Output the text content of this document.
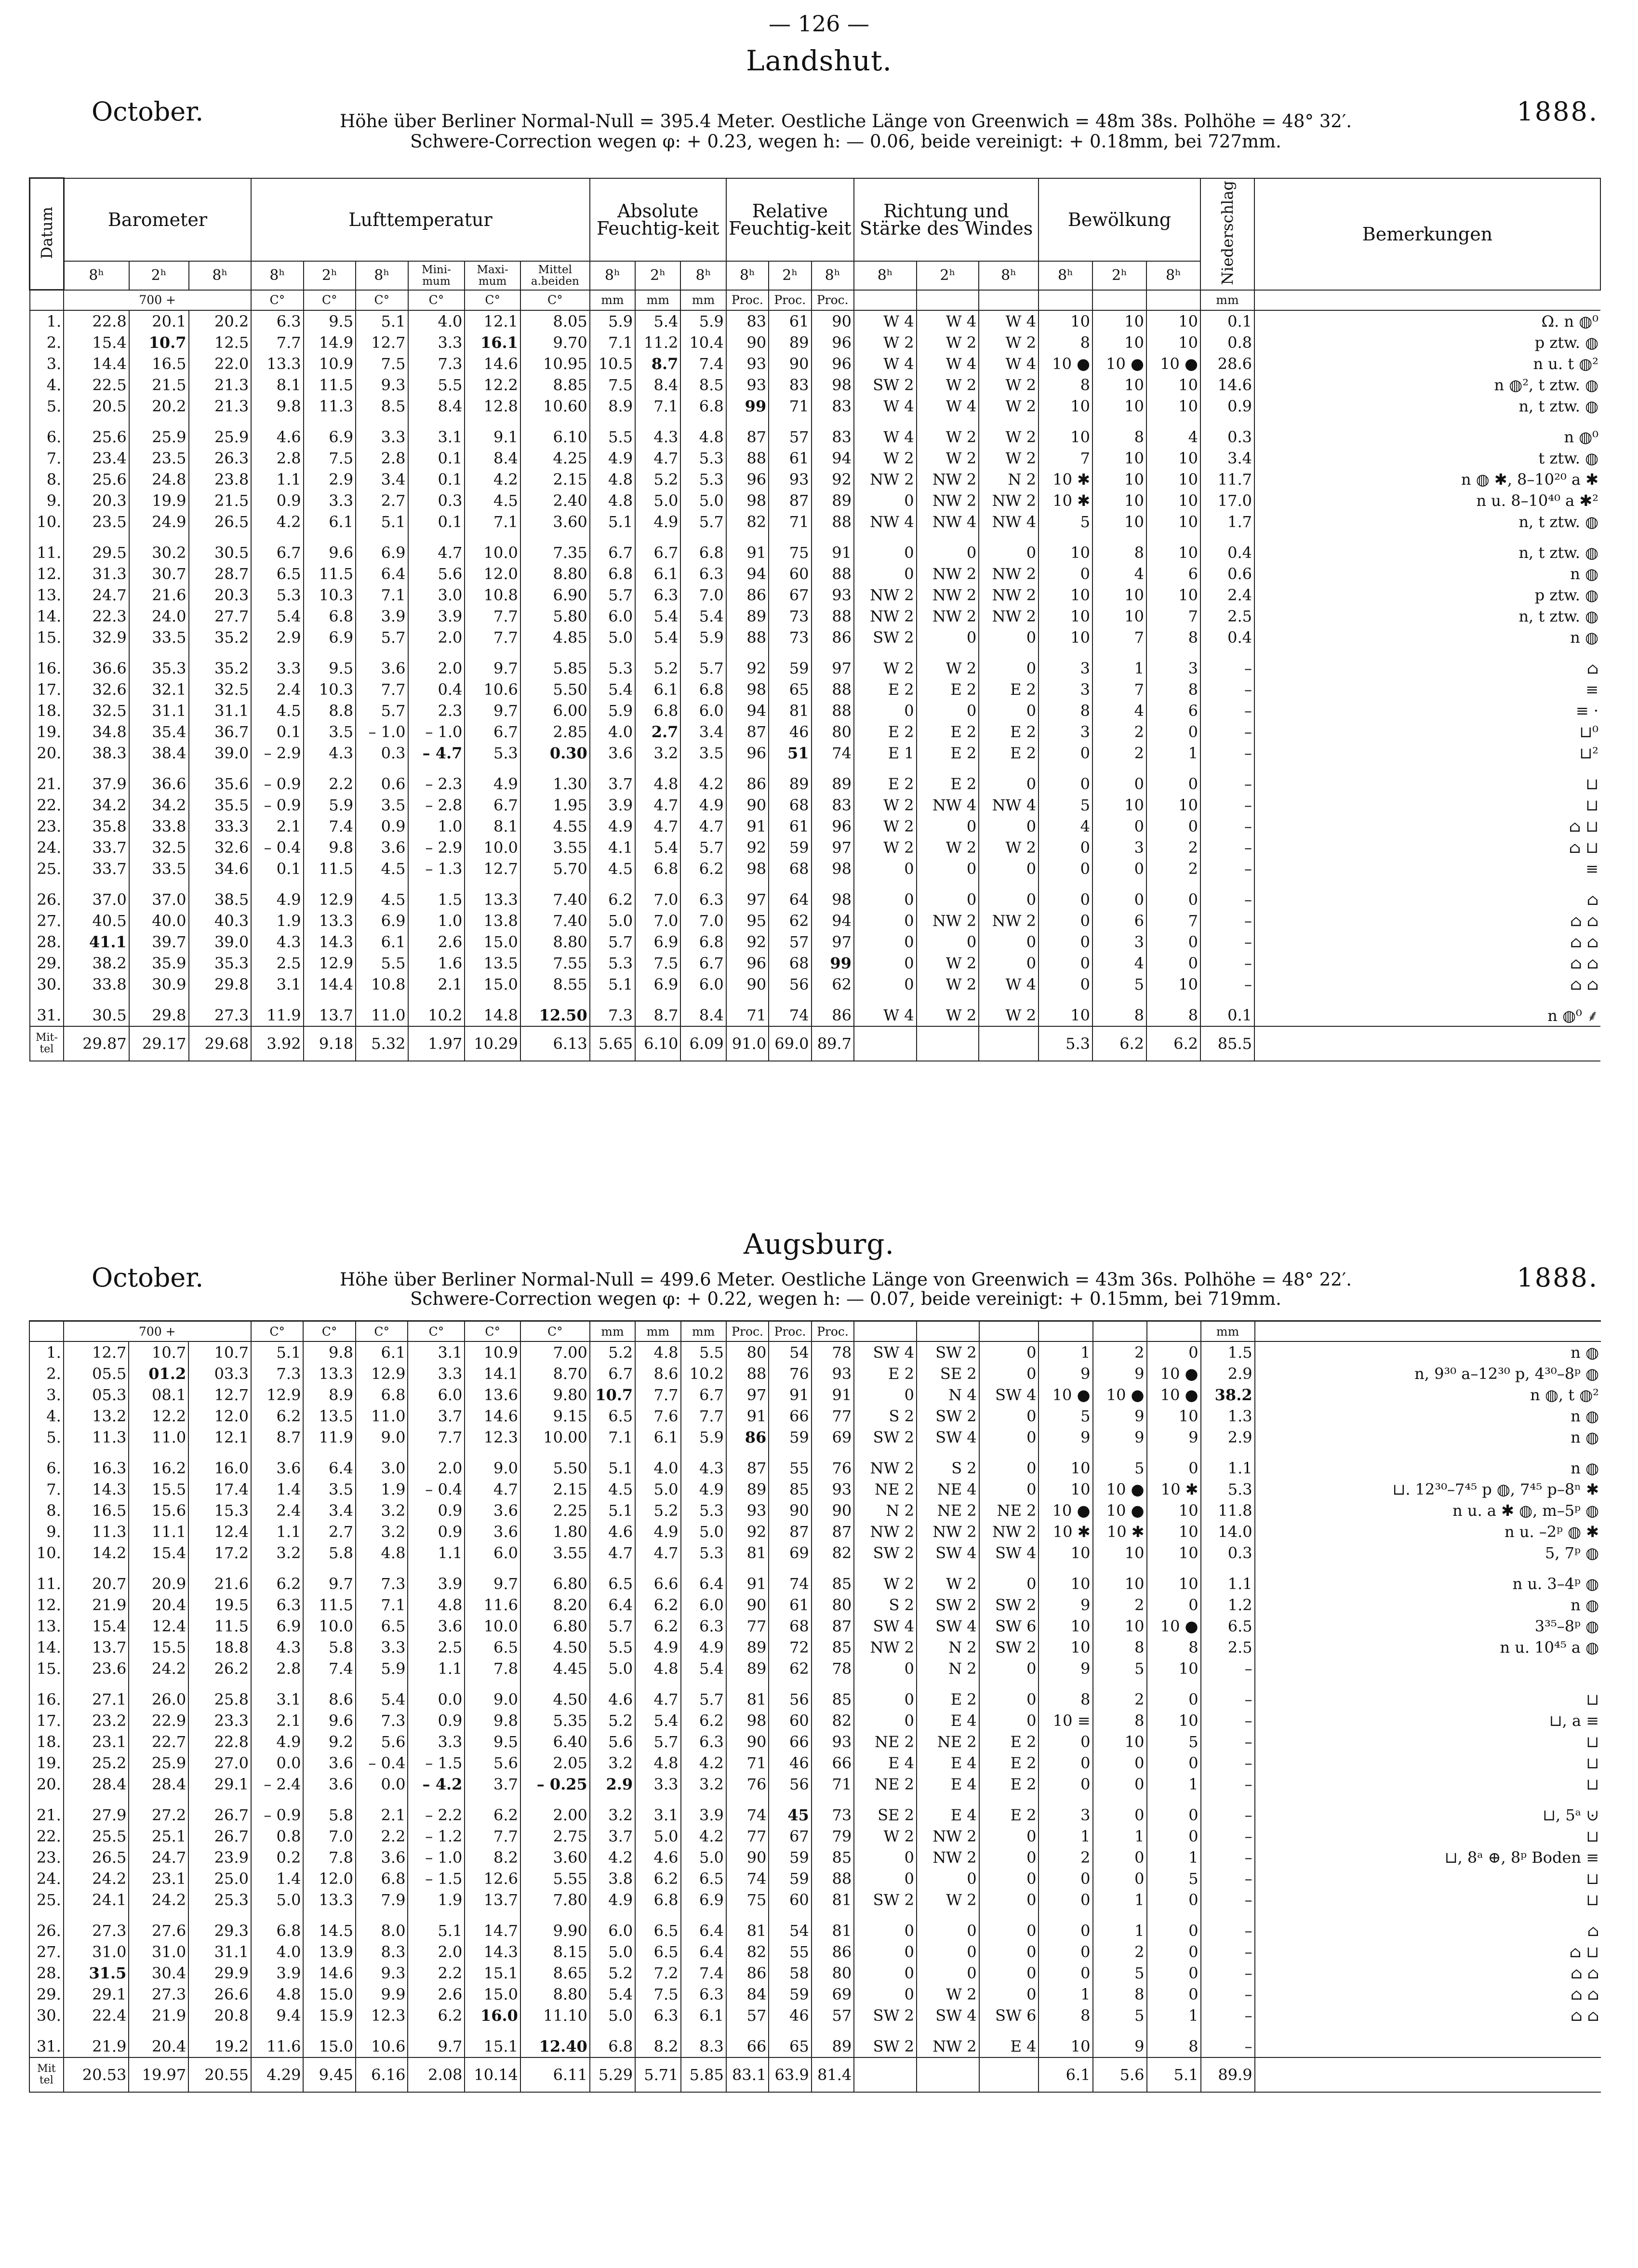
— 126 —
Landshut.
October.	1888.
Höhe über Berliner Normal-Null = 395.4 Meter. Oestliche Länge von Greenwich = 48m 38s. Polhöhe = 48° 32′.
Schwere-Correction wegen φ: + 0.23, wegen h: — 0.06, beide vereinigt: + 0.18mm, bei 727mm.
Datum	Barometer			Lufttemperatur						Absolute Feuchtig-keit			Relative Feuchtig-keit			Richtung und Stärke des Windes			Bewölkung			Niederschlag	Bemerkungen
	8ʰ	2ʰ	8ʰ	8ʰ	2ʰ	8ʰ	Mini-mum	Maxi-mum	Mittel a.beiden	8ʰ	2ʰ	8ʰ	8ʰ	2ʰ	8ʰ	8ʰ	2ʰ	8ʰ	8ʰ	2ʰ	8ʰ		
	700 +			C°	C°	C°	C°	C°	C°	mm	mm	mm	Proc.	Proc.	Proc.							mm	
1.	22.8	20.1	20.2	6.3	9.5	5.1	4.0	12.1	8.05	5.9	5.4	5.9	83	61	90	W 4	W 4	W 4	10	10	10	0.1	Ω. n ◍⁰
2.	15.4	10.7	12.5	7.7	14.9	12.7	3.3	16.1	9.70	7.1	11.2	10.4	90	89	96	W 2	W 2	W 2	8	10	10	0.8	p ztw. ◍
3.	14.4	16.5	22.0	13.3	10.9	7.5	7.3	14.6	10.95	10.5	8.7	7.4	93	90	96	W 4	W 4	W 4	10 ●	10 ●	10 ●	28.6	n u. t ◍²
4.	22.5	21.5	21.3	8.1	11.5	9.3	5.5	12.2	8.85	7.5	8.4	8.5	93	83	98	SW 2	W 2	W 2	8	10	10	14.6	n ◍², t ztw. ◍
5.	20.5	20.2	21.3	9.8	11.3	8.5	8.4	12.8	10.60	8.9	7.1	6.8	99	71	83	W 4	W 4	W 2	10	10	10	0.9	n, t ztw. ◍

6.	25.6	25.9	25.9	4.6	6.9	3.3	3.1	9.1	6.10	5.5	4.3	4.8	87	57	83	W 4	W 2	W 2	10	8	4	0.3	n ◍⁰
7.	23.4	23.5	26.3	2.8	7.5	2.8	0.1	8.4	4.25	4.9	4.7	5.3	88	61	94	W 2	W 2	W 2	7	10	10	3.4	t ztw. ◍
8.	25.6	24.8	23.8	1.1	2.9	3.4	0.1	4.2	2.15	4.8	5.2	5.3	96	93	92	NW 2	NW 2	N 2	10 ✱	10	10	11.7	n ◍ ✱, 8–10²⁰ a ✱
9.	20.3	19.9	21.5	0.9	3.3	2.7	0.3	4.5	2.40	4.8	5.0	5.0	98	87	89	0	NW 2	NW 2	10 ✱	10	10	17.0	n u. 8–10⁴⁰ a ✱²
10.	23.5	24.9	26.5	4.2	6.1	5.1	0.1	7.1	3.60	5.1	4.9	5.7	82	71	88	NW 4	NW 4	NW 4	5	10	10	1.7	n, t ztw. ◍

11.	29.5	30.2	30.5	6.7	9.6	6.9	4.7	10.0	7.35	6.7	6.7	6.8	91	75	91	0	0	0	10	8	10	0.4	n, t ztw. ◍
12.	31.3	30.7	28.7	6.5	11.5	6.4	5.6	12.0	8.80	6.8	6.1	6.3	94	60	88	0	NW 2	NW 2	0	4	6	0.6	n ◍
13.	24.7	21.6	20.3	5.3	10.3	7.1	3.0	10.8	6.90	5.7	6.3	7.0	86	67	93	NW 2	NW 2	NW 2	10	10	10	2.4	p ztw. ◍
14.	22.3	24.0	27.7	5.4	6.8	3.9	3.9	7.7	5.80	6.0	5.4	5.4	89	73	88	NW 2	NW 2	NW 2	10	10	7	2.5	n, t ztw. ◍
15.	32.9	33.5	35.2	2.9	6.9	5.7	2.0	7.7	4.85	5.0	5.4	5.9	88	73	86	SW 2	0	0	10	7	8	0.4	n ◍

16.	36.6	35.3	35.2	3.3	9.5	3.6	2.0	9.7	5.85	5.3	5.2	5.7	92	59	97	W 2	W 2	0	3	1	3	–	⌂
17.	32.6	32.1	32.5	2.4	10.3	7.7	0.4	10.6	5.50	5.4	6.1	6.8	98	65	88	E 2	E 2	E 2	3	7	8	–	≡
18.	32.5	31.1	31.1	4.5	8.8	5.7	2.3	9.7	6.00	5.9	6.8	6.0	94	81	88	0	0	0	8	4	6	–	≡ ·
19.	34.8	35.4	36.7	0.1	3.5	– 1.0	– 1.0	6.7	2.85	4.0	2.7	3.4	87	46	80	E 2	E 2	E 2	3	2	0	–	⊔⁰
20.	38.3	38.4	39.0	– 2.9	4.3	0.3	– 4.7	5.3	0.30	3.6	3.2	3.5	96	51	74	E 1	E 2	E 2	0	2	1	–	⊔²

21.	37.9	36.6	35.6	– 0.9	2.2	0.6	– 2.3	4.9	1.30	3.7	4.8	4.2	86	89	89	E 2	E 2	0	0	0	0	–	⊔
22.	34.2	34.2	35.5	– 0.9	5.9	3.5	– 2.8	6.7	1.95	3.9	4.7	4.9	90	68	83	W 2	NW 4	NW 4	5	10	10	–	⊔
23.	35.8	33.8	33.3	2.1	7.4	0.9	1.0	8.1	4.55	4.9	4.7	4.7	91	61	96	W 2	0	0	4	0	0	–	⌂ ⊔
24.	33.7	32.5	32.6	– 0.4	9.8	3.6	– 2.9	10.0	3.55	4.1	5.4	5.7	92	59	97	W 2	W 2	W 2	0	3	2	–	⌂ ⊔
25.	33.7	33.5	34.6	0.1	11.5	4.5	– 1.3	12.7	5.70	4.5	6.8	6.2	98	68	98	0	0	0	0	0	2	–	≡

26.	37.0	37.0	38.5	4.9	12.9	4.5	1.5	13.3	7.40	6.2	7.0	6.3	97	64	98	0	0	0	0	0	0	–	⌂
27.	40.5	40.0	40.3	1.9	13.3	6.9	1.0	13.8	7.40	5.0	7.0	7.0	95	62	94	0	NW 2	NW 2	0	6	7	–	⌂ ⌂
28.	41.1	39.7	39.0	4.3	14.3	6.1	2.6	15.0	8.80	5.7	6.9	6.8	92	57	97	0	0	0	0	3	0	–	⌂ ⌂
29.	38.2	35.9	35.3	2.5	12.9	5.5	1.6	13.5	7.55	5.3	7.5	6.7	96	68	99	0	W 2	0	0	4	0	–	⌂ ⌂
30.	33.8	30.9	29.8	3.1	14.4	10.8	2.1	15.0	8.55	5.1	6.9	6.0	90	56	62	0	W 2	W 4	0	5	10	–	⌂ ⌂

31.	30.5	29.8	27.3	11.9	13.7	11.0	10.2	14.8	12.50	7.3	8.7	8.4	71	74	86	W 4	W 2	W 2	10	8	8	0.1	n ◍⁰ ⸙
Mit-tel	29.87	29.17	29.68	3.92	9.18	5.32	1.97	10.29	6.13	5.65	6.10	6.09	91.0	69.0	89.7				5.3	6.2	6.2	85.5	
Augsburg.
October.	1888.
Höhe über Berliner Normal-Null = 499.6 Meter. Oestliche Länge von Greenwich = 43m 36s. Polhöhe = 48° 22′.
Schwere-Correction wegen φ: + 0.22, wegen h: — 0.07, beide vereinigt: + 0.15mm, bei 719mm.
	700 +			C°	C°	C°	C°	C°	C°	mm	mm	mm	Proc.	Proc.	Proc.							mm	
1.	12.7	10.7	10.7	5.1	9.8	6.1	3.1	10.9	7.00	5.2	4.8	5.5	80	54	78	SW 4	SW 2	0	1	2	0	1.5	n ◍
2.	05.5	01.2	03.3	7.3	13.3	12.9	3.3	14.1	8.70	6.7	8.6	10.2	88	76	93	E 2	SE 2	0	9	9	10 ●	2.9	n, 9³⁰ a–12³⁰ p, 4³⁰–8ᵖ ◍
3.	05.3	08.1	12.7	12.9	8.9	6.8	6.0	13.6	9.80	10.7	7.7	6.7	97	91	91	0	N 4	SW 4	10 ●	10 ●	10 ●	38.2	n ◍, t ◍²
4.	13.2	12.2	12.0	6.2	13.5	11.0	3.7	14.6	9.15	6.5	7.6	7.7	91	66	77	S 2	SW 2	0	5	9	10	1.3	n ◍
5.	11.3	11.0	12.1	8.7	11.9	9.0	7.7	12.3	10.00	7.1	6.1	5.9	86	59	69	SW 2	SW 4	0	9	9	9	2.9	n ◍

6.	16.3	16.2	16.0	3.6	6.4	3.0	2.0	9.0	5.50	5.1	4.0	4.3	87	55	76	NW 2	S 2	0	10	5	0	1.1	n ◍
7.	14.3	15.5	17.4	1.4	3.5	1.9	– 0.4	4.7	2.15	4.5	5.0	4.9	89	85	93	NE 2	NE 4	0	10	10 ●	10 ✱	5.3	⊔. 12³⁰–7⁴⁵ p ◍, 7⁴⁵ p–8ⁿ ✱
8.	16.5	15.6	15.3	2.4	3.4	3.2	0.9	3.6	2.25	5.1	5.2	5.3	93	90	90	N 2	NE 2	NE 2	10 ●	10 ●	10	11.8	n u. a ✱ ◍, m–5ᵖ ◍
9.	11.3	11.1	12.4	1.1	2.7	3.2	0.9	3.6	1.80	4.6	4.9	5.0	92	87	87	NW 2	NW 2	NW 2	10 ✱	10 ✱	10	14.0	n u. –2ᵖ ◍ ✱
10.	14.2	15.4	17.2	3.2	5.8	4.8	1.1	6.0	3.55	4.7	4.7	5.3	81	69	82	SW 2	SW 4	SW 4	10	10	10	0.3	5, 7ᵖ ◍

11.	20.7	20.9	21.6	6.2	9.7	7.3	3.9	9.7	6.80	6.5	6.6	6.4	91	74	85	W 2	W 2	0	10	10	10	1.1	n u. 3–4ᵖ ◍
12.	21.9	20.4	19.5	6.3	11.5	7.1	4.8	11.6	8.20	6.4	6.2	6.0	90	61	80	S 2	SW 2	SW 2	9	2	0	1.2	n ◍
13.	15.4	12.4	11.5	6.9	10.0	6.5	3.6	10.0	6.80	5.7	6.2	6.3	77	68	87	SW 4	SW 4	SW 6	10	10	10 ●	6.5	3³⁵–8ᵖ ◍
14.	13.7	15.5	18.8	4.3	5.8	3.3	2.5	6.5	4.50	5.5	4.9	4.9	89	72	85	NW 2	N 2	SW 2	10	8	8	2.5	n u. 10⁴⁵ a ◍
15.	23.6	24.2	26.2	2.8	7.4	5.9	1.1	7.8	4.45	5.0	4.8	5.4	89	62	78	0	N 2	0	9	5	10	–	

16.	27.1	26.0	25.8	3.1	8.6	5.4	0.0	9.0	4.50	4.6	4.7	5.7	81	56	85	0	E 2	0	8	2	0	–	⊔
17.	23.2	22.9	23.3	2.1	9.6	7.3	0.9	9.8	5.35	5.2	5.4	6.2	98	60	82	0	E 4	0	10 ≡	8	10	–	⊔, a ≡
18.	23.1	22.7	22.8	4.9	9.2	5.6	3.3	9.5	6.40	5.6	5.7	6.3	90	66	93	NE 2	NE 2	E 2	0	10	5	–	⊔
19.	25.2	25.9	27.0	0.0	3.6	– 0.4	– 1.5	5.6	2.05	3.2	4.8	4.2	71	46	66	E 4	E 4	E 2	0	0	0	–	⊔
20.	28.4	28.4	29.1	– 2.4	3.6	0.0	– 4.2	3.7	– 0.25	2.9	3.3	3.2	76	56	71	NE 2	E 4	E 2	0	0	1	–	⊔

21.	27.9	27.2	26.7	– 0.9	5.8	2.1	– 2.2	6.2	2.00	3.2	3.1	3.9	74	45	73	SE 2	E 4	E 2	3	0	0	–	⊔, 5ᵃ ⊍
22.	25.5	25.1	26.7	0.8	7.0	2.2	– 1.2	7.7	2.75	3.7	5.0	4.2	77	67	79	W 2	NW 2	0	1	1	0	–	⊔
23.	26.5	24.7	23.9	0.2	7.8	3.6	– 1.0	8.2	3.60	4.2	4.6	5.0	90	59	85	0	NW 2	0	2	0	1	–	⊔, 8ᵃ ⊕, 8ᵖ Boden ≡
24.	24.2	23.1	25.0	1.4	12.0	6.8	– 1.5	12.6	5.55	3.8	6.2	6.5	74	59	88	0	0	0	0	0	5	–	⊔
25.	24.1	24.2	25.3	5.0	13.3	7.9	1.9	13.7	7.80	4.9	6.8	6.9	75	60	81	SW 2	W 2	0	0	1	0	–	⊔

26.	27.3	27.6	29.3	6.8	14.5	8.0	5.1	14.7	9.90	6.0	6.5	6.4	81	54	81	0	0	0	0	1	0	–	⌂
27.	31.0	31.0	31.1	4.0	13.9	8.3	2.0	14.3	8.15	5.0	6.5	6.4	82	55	86	0	0	0	0	2	0	–	⌂ ⊔
28.	31.5	30.4	29.9	3.9	14.6	9.3	2.2	15.1	8.65	5.2	7.2	7.4	86	58	80	0	0	0	0	5	0	–	⌂ ⌂
29.	29.1	27.3	26.6	4.8	15.0	9.9	2.6	15.0	8.80	5.4	7.5	6.3	84	59	69	0	W 2	0	1	8	0	–	⌂ ⌂
30.	22.4	21.9	20.8	9.4	15.9	12.3	6.2	16.0	11.10	5.0	6.3	6.1	57	46	57	SW 2	SW 4	SW 6	8	5	1	–	⌂ ⌂

31.	21.9	20.4	19.2	11.6	15.0	10.6	9.7	15.1	12.40	6.8	8.2	8.3	66	65	89	SW 2	NW 2	E 4	10	9	8	–	
Mit tel	20.53	19.97	20.55	4.29	9.45	6.16	2.08	10.14	6.11	5.29	5.71	5.85	83.1	63.9	81.4				6.1	5.6	5.1	89.9	
